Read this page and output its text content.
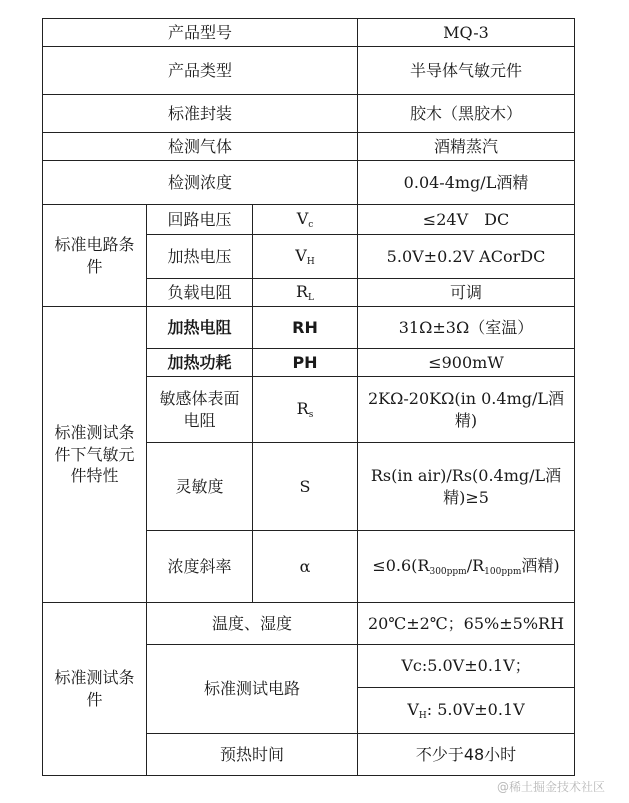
产品型号			MQ-3
产品类型			半导体气敏元件
标准封装			胶木（黑胶木）
检测气体			酒精蒸汽
检测浓度			0.04-4mg/L酒精
标准电路条件	回路电压	$V_c$	≤24V　DC
	加热电压	$V_H$	5.0V±0.2V ACorDC
	负载电阻	$R_L$	可调
标准测试条件下气敏元件特性	加热电阻	RH	31Ω±3Ω（室温）
	加热功耗	PH	≤900mW
	敏感体表面电阻	$R_s$	2KΩ-20KΩ(in 0.4mg/L酒精)
	灵敏度	S	Rs(in air)/Rs(0.4mg/L酒精)≥5
	浓度斜率	α	$\le 0.6(R_{300ppm}/R_{100ppm}$酒精)
标准测试条件	温度、湿度		20℃±2℃；65%±5%RH
	标准测试电路		Vc:5.0V±0.1V；
			$V_H$: 5.0V±0.1V
	预热时间		不少于48小时
@稀土掘金技术社区
